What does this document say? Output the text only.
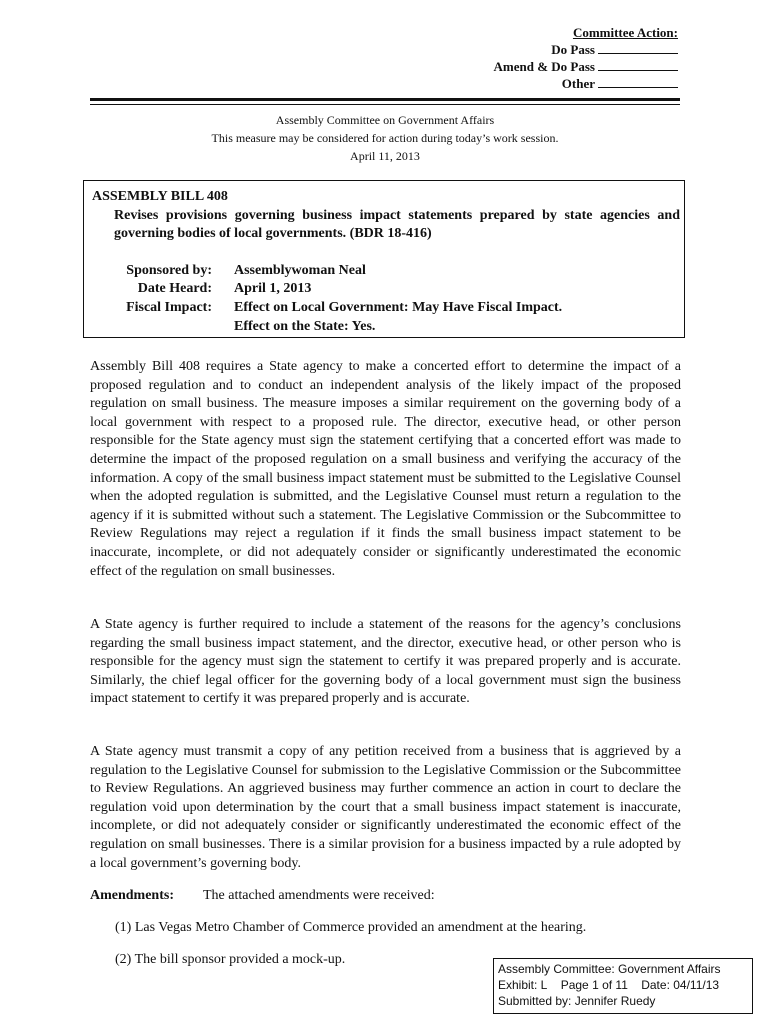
Committee Action:
Do Pass
Amend & Do Pass
Other
Assembly Committee on Government Affairs
This measure may be considered for action during today’s work session.
April 11, 2013
ASSEMBLY BILL 408
Revises provisions governing business impact statements prepared by state agencies and governing bodies of local governments. (BDR 18-416)
Sponsored by:	Assemblywoman Neal
Date Heard:	April 1, 2013
Fiscal Impact:	Effect on Local Government: May Have Fiscal Impact.
Effect on the State: Yes.
Assembly Bill 408 requires a State agency to make a concerted effort to determine the impact of a proposed regulation and to conduct an independent analysis of the likely impact of the proposed regulation on small business. The measure imposes a similar requirement on the governing body of a local government with respect to a proposed rule. The director, executive head, or other person responsible for the State agency must sign the statement certifying that a concerted effort was made to determine the impact of the proposed regulation on a small business and verifying the accuracy of the information. A copy of the small business impact statement must be submitted to the Legislative Counsel when the adopted regulation is submitted, and the Legislative Counsel must return a regulation to the agency if it is submitted without such a statement. The Legislative Commission or the Subcommittee to Review Regulations may reject a regulation if it finds the small business impact statement to be inaccurate, incomplete, or did not adequately consider or significantly underestimated the economic effect of the regulation on small businesses.
A State agency is further required to include a statement of the reasons for the agency’s conclusions regarding the small business impact statement, and the director, executive head, or other person who is responsible for the agency must sign the statement to certify it was prepared properly and is accurate. Similarly, the chief legal officer for the governing body of a local government must sign the business impact statement to certify it was prepared properly and is accurate.
A State agency must transmit a copy of any petition received from a business that is aggrieved by a regulation to the Legislative Counsel for submission to the Legislative Commission or the Subcommittee to Review Regulations. An aggrieved business may further commence an action in court to declare the regulation void upon determination by the court that a small business impact statement is inaccurate, incomplete, or did not adequately consider or significantly underestimated the economic effect of the regulation on small businesses. There is a similar provision for a business impacted by a rule adopted by a local government’s governing body.
Amendments: The attached amendments were received:
(1) Las Vegas Metro Chamber of Commerce provided an amendment at the hearing.
(2) The bill sponsor provided a mock-up.
Assembly Committee: Government Affairs
Exhibit: L Page 1 of 11 Date: 04/11/13
Submitted by: Jennifer Ruedy
